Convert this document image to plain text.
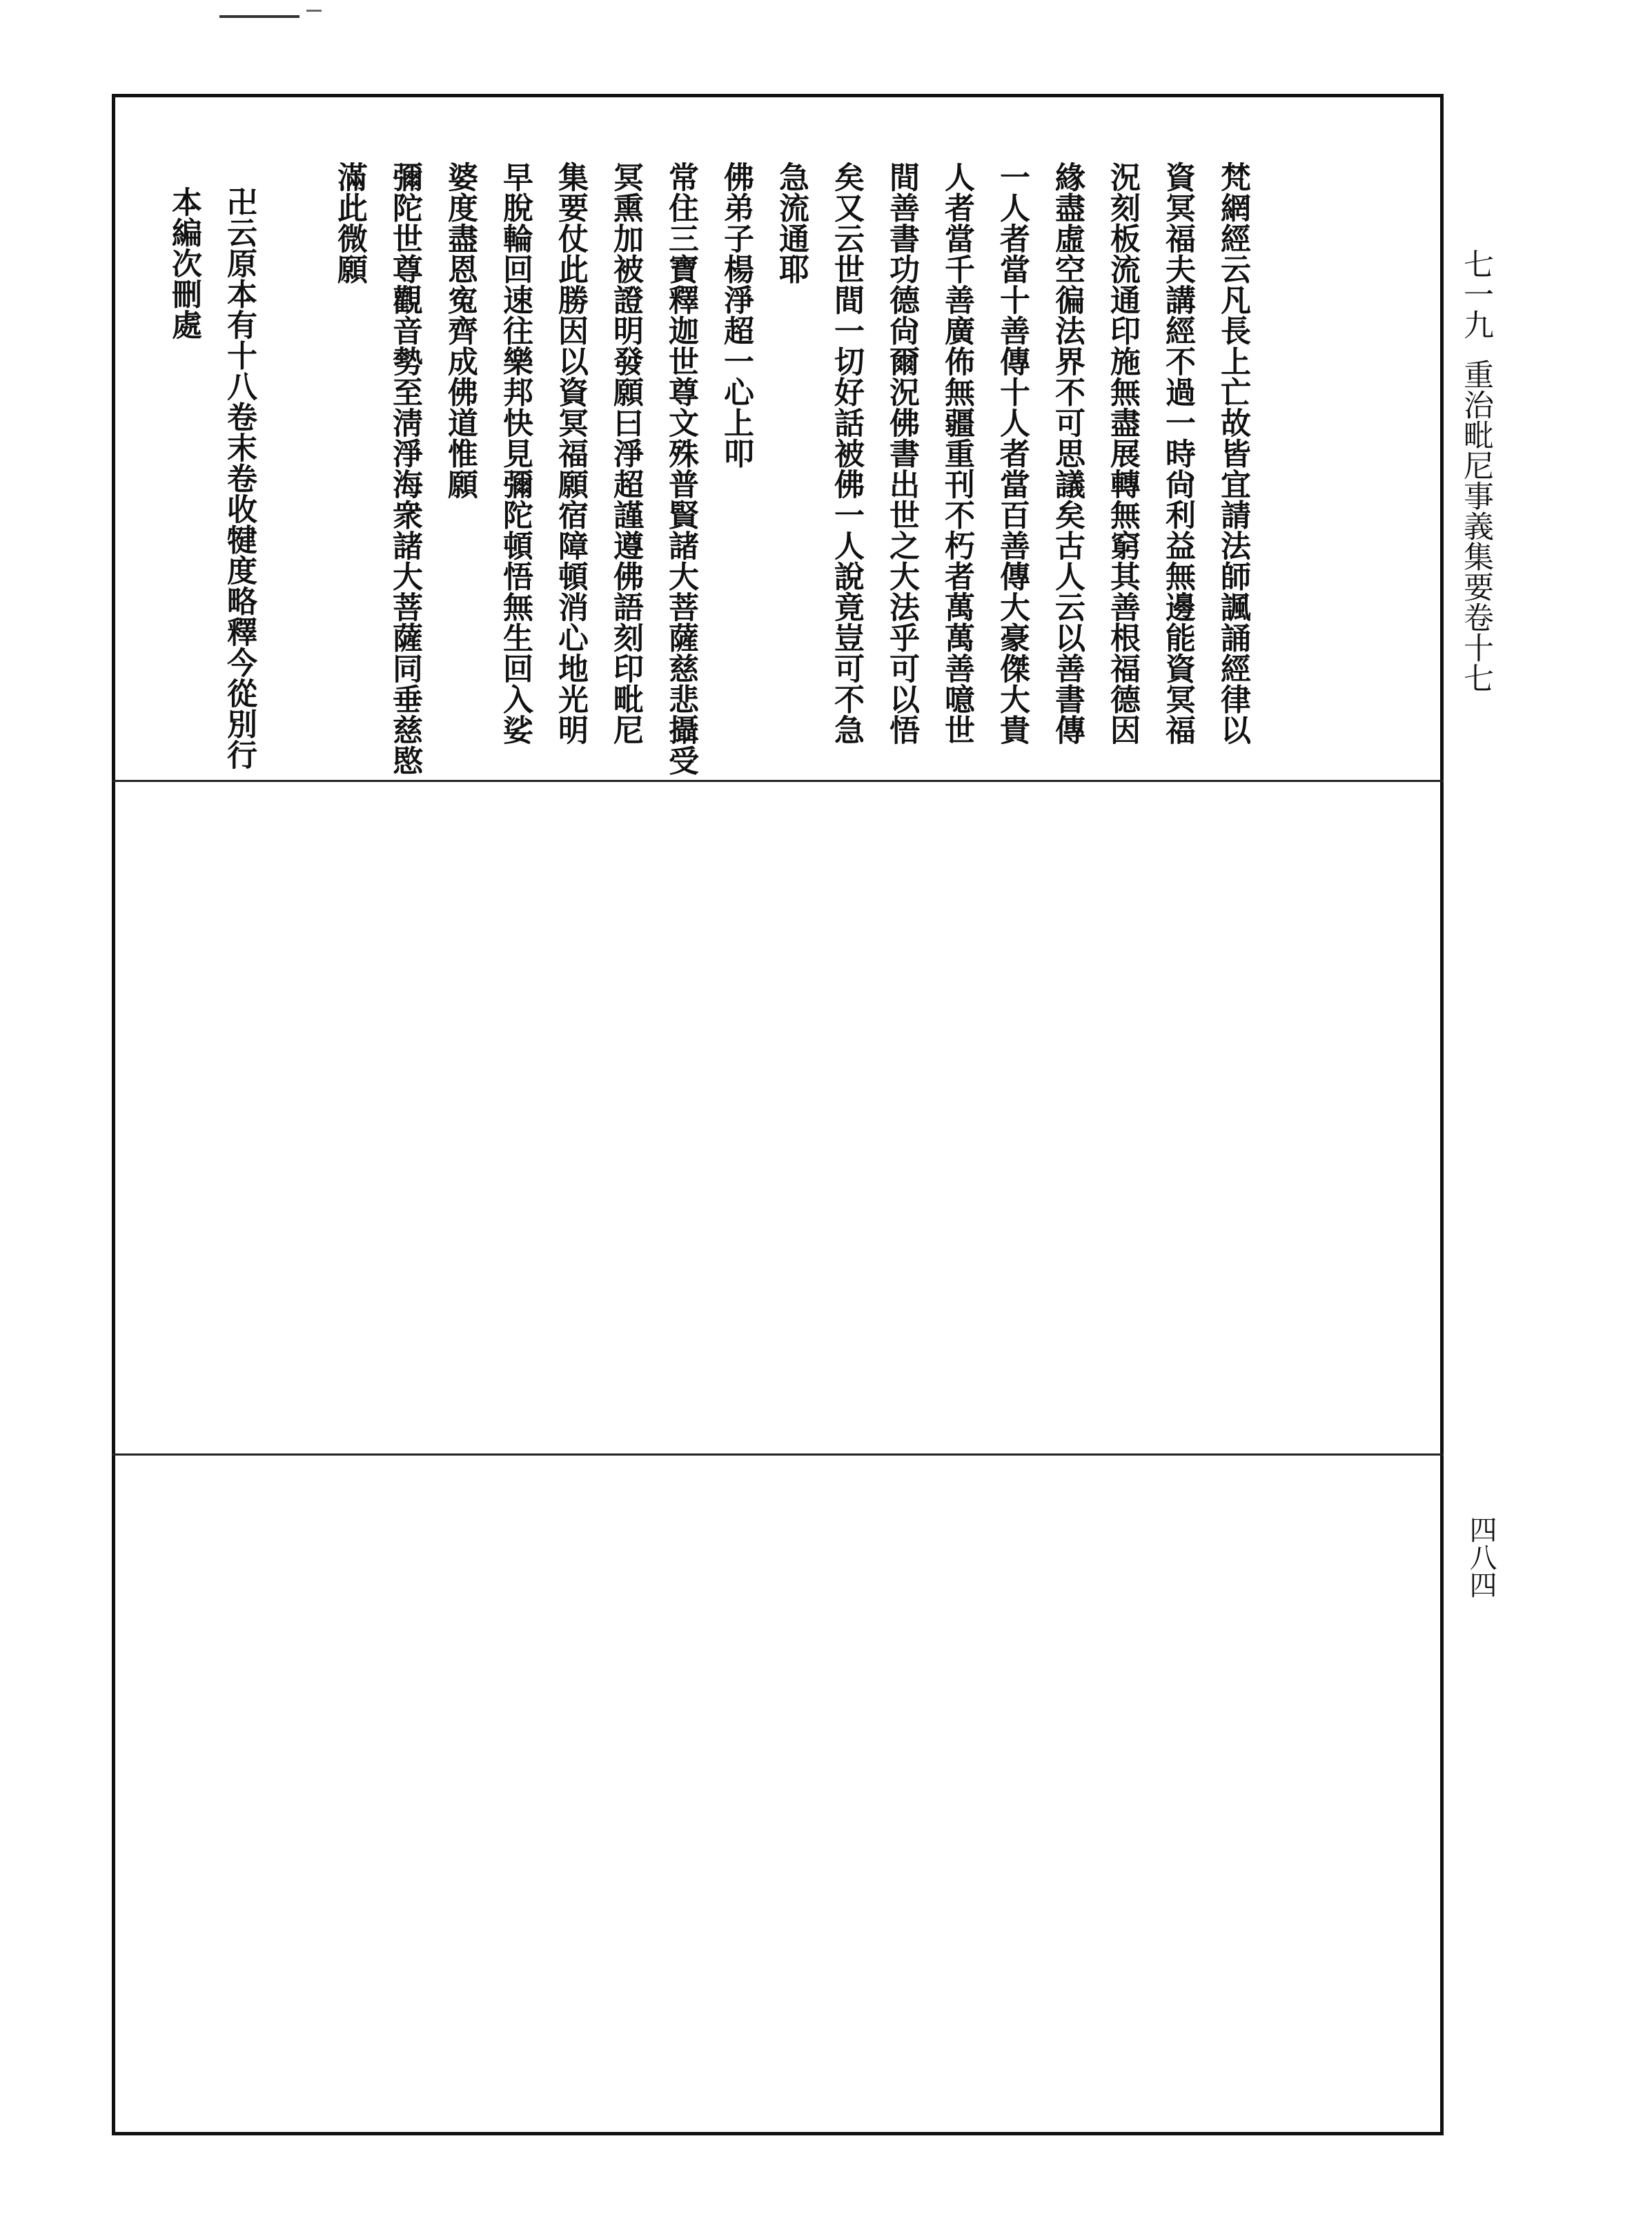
七一九
重治毗尼事義集要卷十七
四八四
梵網經云凡長上亡故皆宜請法師諷誦經律以
資冥福夫講經不過一時尙利益無邊能資冥福
況刻板流通印施無盡展轉無窮其善根福德因
緣盡虛空徧法界不可思議矣古人云以善書傳
一人者當十善傳十人者當百善傳大豪傑大貴
人者當千善廣佈無疆重刊不朽者萬萬善噫世
間善書功德尙爾況佛書出世之大法乎可以悟
矣又云世間一切好話被佛一人說竟豈可不急
急流通耶
佛弟子楊淨超一心上叩
常住三寶釋迦世尊文殊普賢諸大菩薩慈悲攝受
冥熏加被證明發願曰淨超謹遵佛語刻印毗尼
集要仗此勝因以資冥福願宿障頓消心地光明
早脫輪回速往樂邦快見彌陀頓悟無生回入娑
婆度盡恩寃齊成佛道惟願
彌陀世尊觀音勢至淸淨海衆諸大菩薩同垂慈愍
滿此微願
卍云原本有十八卷末卷收犍度略釋今從別行
本編次刪處
